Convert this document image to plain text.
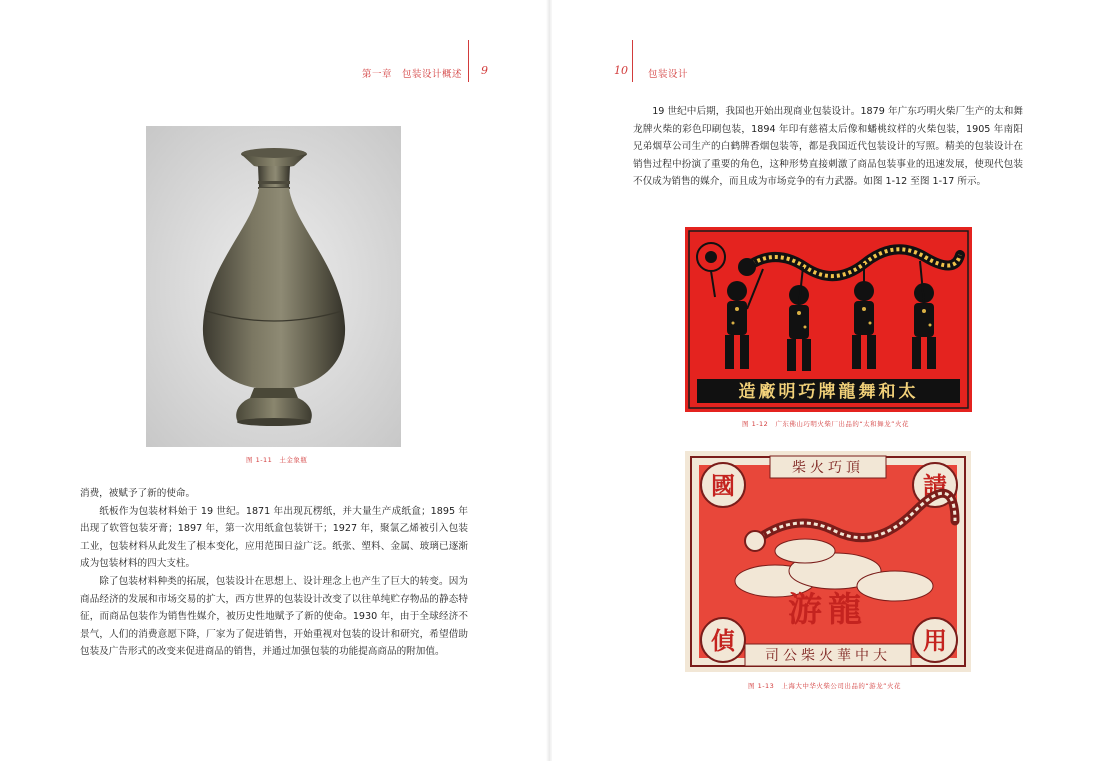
第一章　包装设计概述 9
图 1-11　土金象瓶

消费，被赋予了新的使命。

纸板作为包装材料始于 19 世纪。1871 年出现瓦楞纸，并大量生产成纸盒；1895 年出现了软管包装牙膏；1897 年，第一次用纸盒包装饼干；1927 年，聚氯乙烯被引入包装工业，包装材料从此发生了根本变化，应用范围日益广泛。纸张、塑料、金属、玻璃已逐渐成为包装材料的四大支柱。

除了包装材料种类的拓展，包装设计在思想上、设计理念上也产生了巨大的转变。因为商品经济的发展和市场交易的扩大，西方世界的包装设计改变了以往单纯贮存物品的静态特征，而商品包装作为销售性媒介，被历史性地赋予了新的使命。1930 年，由于全球经济不景气，人们的消费意愿下降，厂家为了促进销售，开始重视对包装的设计和研究，希望借助包装及广告形式的改变来促进商品的销售，并通过加强包装的功能提高商品的附加值。

10 包装设计

19 世纪中后期，我国也开始出现商业包装设计。1879 年广东巧明火柴厂生产的太和舞龙牌火柴的彩色印刷包装，1894 年印有慈禧太后像和蟠桃纹样的火柴包装，1905 年南阳兄弟烟草公司生产的白鹤牌香烟包装等，都是我国近代包装设计的写照。精美的包装设计在销售过程中扮演了重要的角色，这种形势直接刺激了商品包装事业的迅速发展，使现代包装不仅成为销售的媒介，而且成为市场竞争的有力武器。如图 1-12 至图 1-17 所示。

造廠明巧牌龍舞和太
图 1-12　广东佛山巧明火柴厂出品的“太和舞龙”火花
柴火巧頂
國	請
偵	用
游龍
司公柴火華中大
图 1-13　上海大中华火柴公司出品的“游龙”火花
